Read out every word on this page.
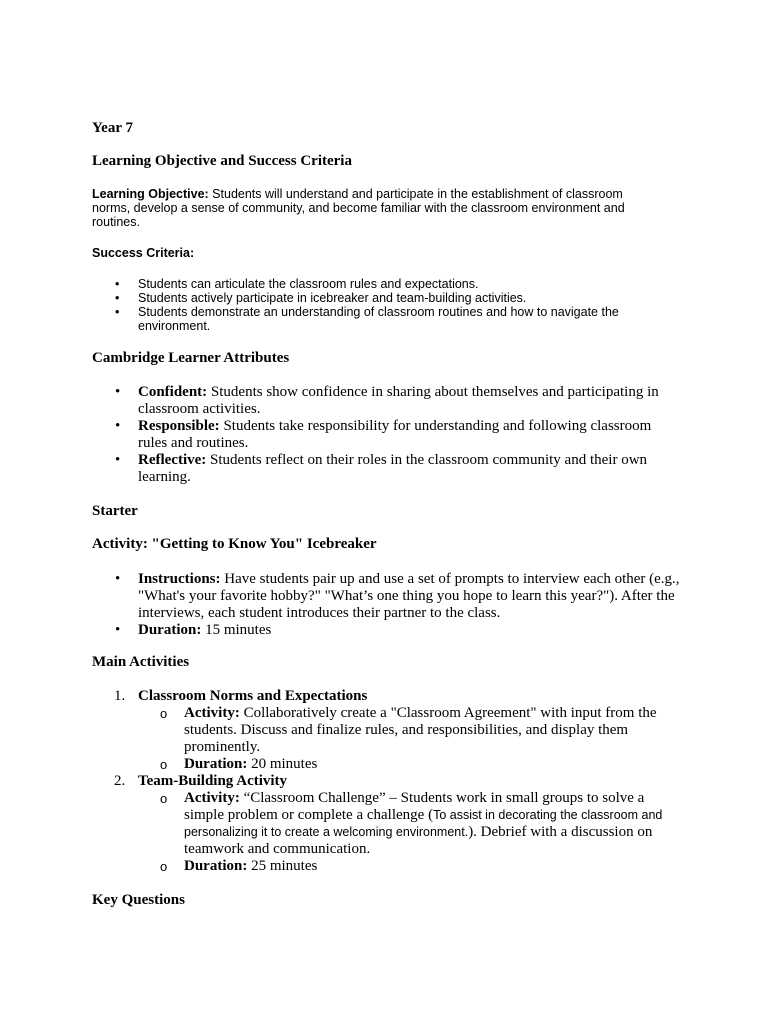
Year 7
Learning Objective and Success Criteria
Learning Objective: Students will understand and participate in the establishment of classroom norms, develop a sense of community, and become familiar with the classroom environment and routines.
Success Criteria:
• Students can articulate the classroom rules and expectations.
• Students actively participate in icebreaker and team-building activities.
• Students demonstrate an understanding of classroom routines and how to navigate the environment.
Cambridge Learner Attributes
• Confident: Students show confidence in sharing about themselves and participating in classroom activities.
• Responsible: Students take responsibility for understanding and following classroom rules and routines.
• Reflective: Students reflect on their roles in the classroom community and their own learning.
Starter
Activity: "Getting to Know You" Icebreaker
• Instructions: Have students pair up and use a set of prompts to interview each other (e.g., "What's your favorite hobby?" "What’s one thing you hope to learn this year?"). After the interviews, each student introduces their partner to the class.
• Duration: 15 minutes
Main Activities
1. Classroom Norms and Expectations
o Activity: Collaboratively create a "Classroom Agreement" with input from the students. Discuss and finalize rules, and responsibilities, and display them prominently.
o Duration: 20 minutes
2. Team-Building Activity
o Activity: “Classroom Challenge” – Students work in small groups to solve a simple problem or complete a challenge (To assist in decorating the classroom and personalizing it to create a welcoming environment.). Debrief with a discussion on teamwork and communication.
o Duration: 25 minutes
Key Questions
